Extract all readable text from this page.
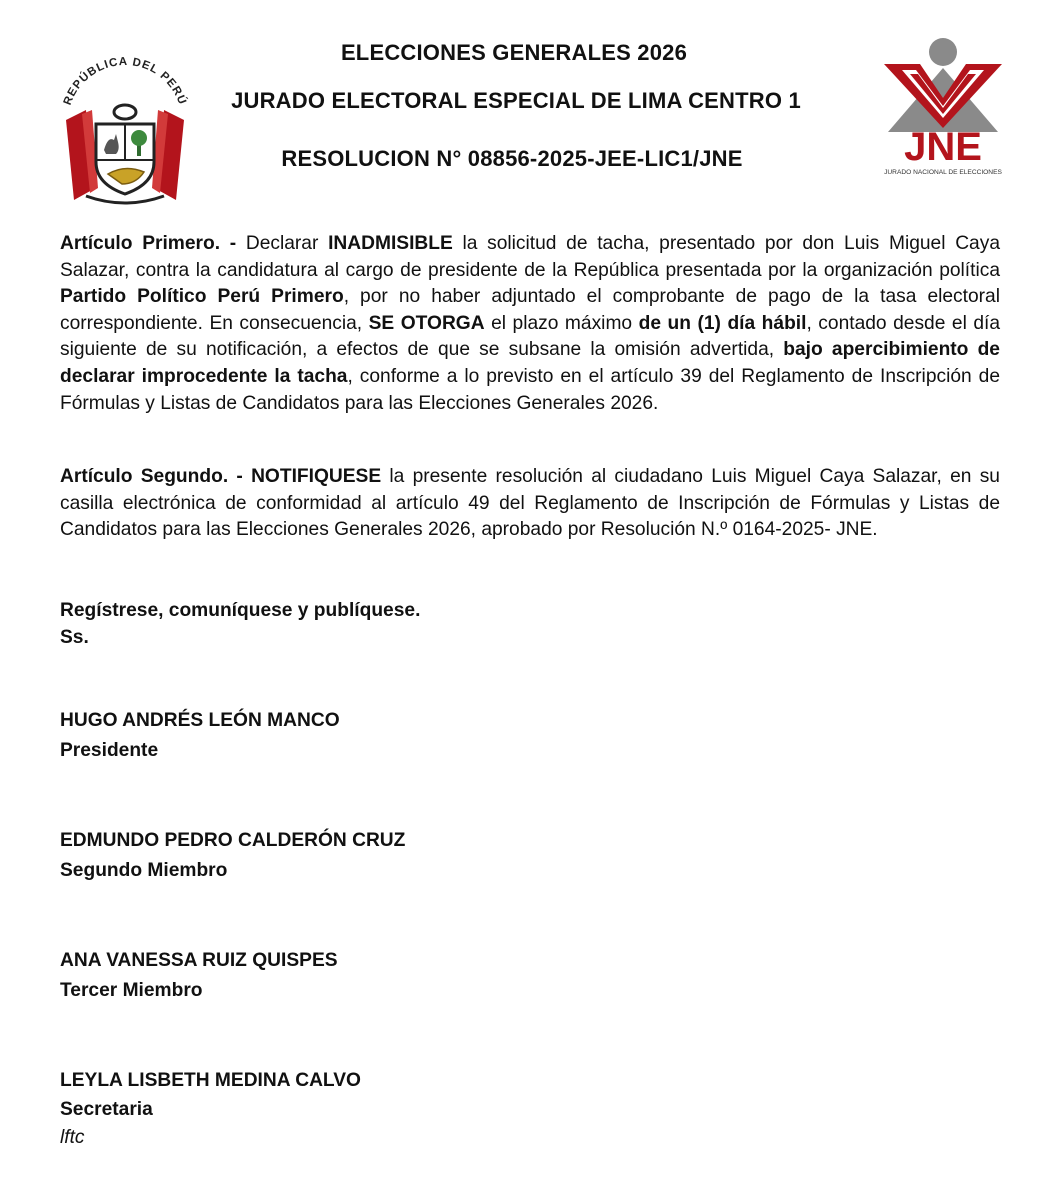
REPÚBLICA DEL PERÚ
ELECCIONES GENERALES 2026
JURADO ELECTORAL ESPECIAL DE LIMA CENTRO 1
RESOLUCION N° 08856-2025-JEE-LIC1/JNE	JNE
JURADO NACIONAL DE ELECCIONES
Artículo Primero. - Declarar INADMISIBLE la solicitud de tacha, presentado por don Luis Miguel Caya Salazar, contra la candidatura al cargo de presidente de la República presentada por la organización política Partido Político Perú Primero, por no haber adjuntado el comprobante de pago de la tasa electoral correspondiente. En consecuencia, SE OTORGA el plazo máximo de un (1) día hábil, contado desde el día siguiente de su notificación, a efectos de que se subsane la omisión advertida, bajo apercibimiento de declarar improcedente la tacha, conforme a lo previsto en el artículo 39 del Reglamento de Inscripción de Fórmulas y Listas de Candidatos para las Elecciones Generales 2026.
Artículo Segundo. - NOTIFIQUESE la presente resolución al ciudadano Luis Miguel Caya Salazar, en su casilla electrónica de conformidad al artículo 49 del Reglamento de Inscripción de Fórmulas y Listas de Candidatos para las Elecciones Generales 2026, aprobado por Resolución N.º 0164-2025- JNE.
Regístrese, comuníquese y publíquese.
Ss.
HUGO ANDRÉS LEÓN MANCO
Presidente
EDMUNDO PEDRO CALDERÓN CRUZ
Segundo Miembro
ANA VANESSA RUIZ QUISPES
Tercer Miembro
LEYLA LISBETH MEDINA CALVO
Secretaria
lftc
